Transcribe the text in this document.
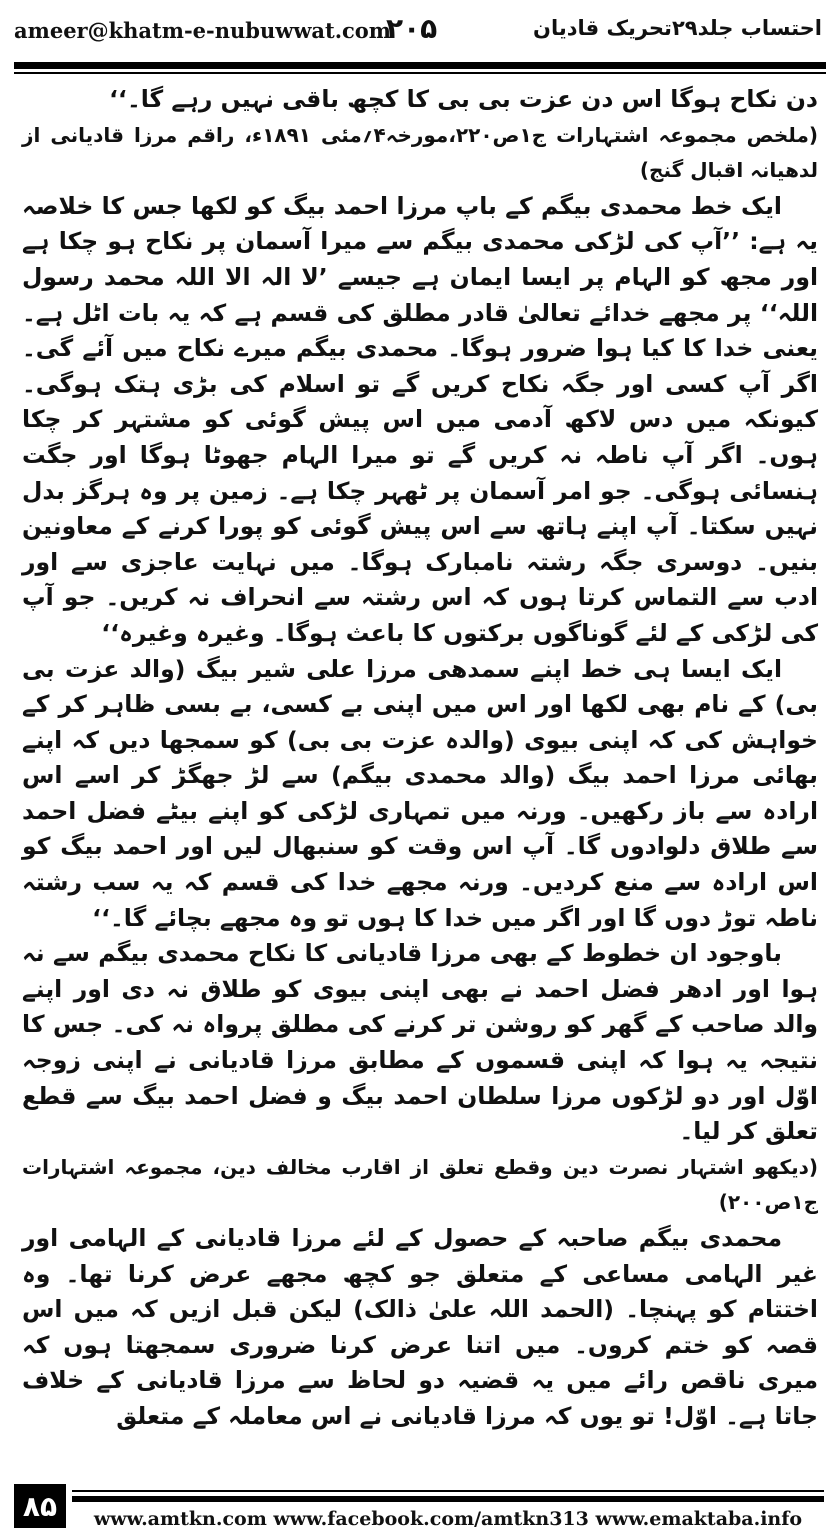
ameer@khatm-e-nubuwwat.com
۲۰۵	احتساب جلد۲۹تحریک قادیان

دن نکاح ہوگا اس دن عزت بی بی کا کچھ باقی نہیں رہے گا۔‘‘

(ملخص مجموعہ اشتہارات ج۱ص۲۲۰،مورخہ۴؍مئی ۱۸۹۱ء، راقم مرزا قادیانی از لدھیانہ اقبال گنج)

ایک خط محمدی بیگم کے باپ مرزا احمد بیگ کو لکھا جس کا خلاصہ یہ ہے: ’’آپ کی لڑکی محمدی بیگم سے میرا آسمان پر نکاح ہو چکا ہے اور مجھ کو الہام پر ایسا ایمان ہے جیسے ’لا الہ الا اللہ محمد رسول اللہ‘‘ پر مجھے خدائے تعالیٰ قادر مطلق کی قسم ہے کہ یہ بات اٹل ہے۔ یعنی خدا کا کیا ہوا ضرور ہوگا۔ محمدی بیگم میرے نکاح میں آئے گی۔ اگر آپ کسی اور جگہ نکاح کریں گے تو اسلام کی بڑی ہتک ہوگی۔ کیونکہ میں دس لاکھ آدمی میں اس پیش گوئی کو مشتہر کر چکا ہوں۔ اگر آپ ناطہ نہ کریں گے تو میرا الہام جھوٹا ہوگا اور جگت ہنسائی ہوگی۔ جو امر آسمان پر ٹھہر چکا ہے۔ زمین پر وہ ہرگز بدل نہیں سکتا۔ آپ اپنے ہاتھ سے اس پیش گوئی کو پورا کرنے کے معاونین بنیں۔ دوسری جگہ رشتہ نامبارک ہوگا۔ میں نہایت عاجزی سے اور ادب سے التماس کرتا ہوں کہ اس رشتہ سے انحراف نہ کریں۔ جو آپ کی لڑکی کے لئے گوناگوں برکتوں کا باعث ہوگا۔ وغیرہ وغیرہ‘‘

ایک ایسا ہی خط اپنے سمدھی مرزا علی شیر بیگ (والد عزت بی بی) کے نام بھی لکھا اور اس میں اپنی بے کسی، بے بسی ظاہر کر کے خواہش کی کہ اپنی بیوی (والدہ عزت بی بی) کو سمجھا دیں کہ اپنے بھائی مرزا احمد بیگ (والد محمدی بیگم) سے لڑ جھگڑ کر اسے اس ارادہ سے باز رکھیں۔ ورنہ میں تمہاری لڑکی کو اپنے بیٹے فضل احمد سے طلاق دلوادوں گا۔ آپ اس وقت کو سنبھال لیں اور احمد بیگ کو اس ارادہ سے منع کردیں۔ ورنہ مجھے خدا کی قسم کہ یہ سب رشتہ ناطہ توڑ دوں گا اور اگر میں خدا کا ہوں تو وہ مجھے بچائے گا۔‘‘

باوجود ان خطوط کے بھی مرزا قادیانی کا نکاح محمدی بیگم سے نہ ہوا اور ادھر فضل احمد نے بھی اپنی بیوی کو طلاق نہ دی اور اپنے والد صاحب کے گھر کو روشن تر کرنے کی مطلق پرواہ نہ کی۔ جس کا نتیجہ یہ ہوا کہ اپنی قسموں کے مطابق مرزا قادیانی نے اپنی زوجہ اوّل اور دو لڑکوں مرزا سلطان احمد بیگ و فضل احمد بیگ سے قطع تعلق کر لیا۔

(دیکھو اشتہار نصرت دین وقطع تعلق از اقارب مخالف دین، مجموعہ اشتہارات ج۱ص۲۰۰)

محمدی بیگم صاحبہ کے حصول کے لئے مرزا قادیانی کے الہامی اور غیر الہامی مساعی کے متعلق جو کچھ مجھے عرض کرنا تھا۔ وہ اختتام کو پہنچا۔ (الحمد اللہ علیٰ ذالک) لیکن قبل ازیں کہ میں اس قصہ کو ختم کروں۔ میں اتنا عرض کرنا ضروری سمجھتا ہوں کہ میری ناقص رائے میں یہ قضیہ دو لحاظ سے مرزا قادیانی کے خلاف جاتا ہے۔ اوّل! تو یوں کہ مرزا قادیانی نے اس معاملہ کے متعلق

۸۵	www.amtkn.com www.facebook.com/amtkn313 www.emaktaba.info
